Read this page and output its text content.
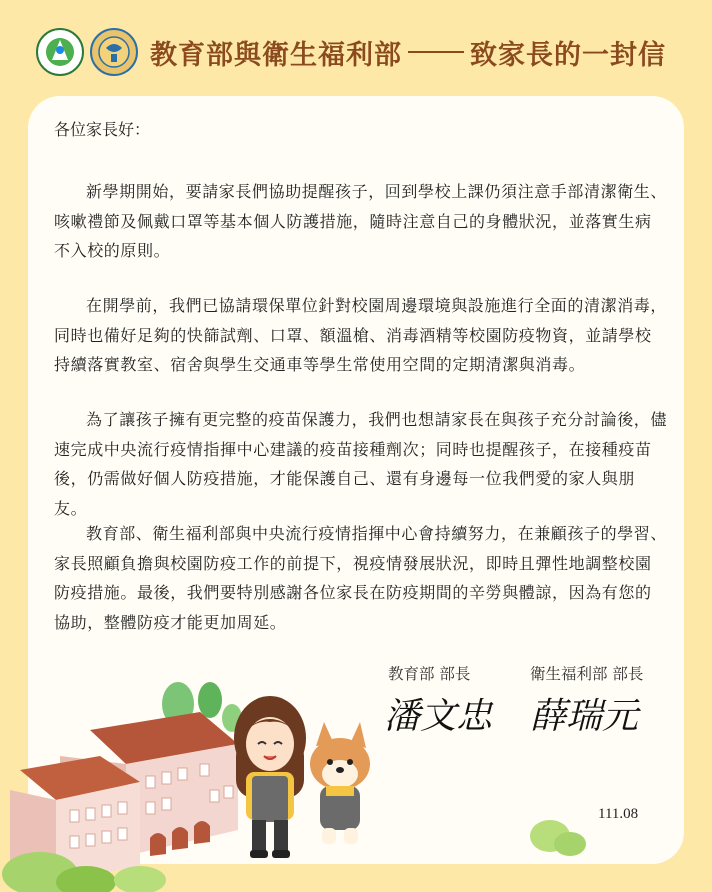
教育部與衛生福利部	致家長的一封信
各位家長好：

新學期開始，要請家長們協助提醒孩子，回到學校上課仍須注意手部清潔衛生、咳嗽禮節及佩戴口罩等基本個人防護措施，隨時注意自己的身體狀況，並落實生病不入校的原則。

在開學前，我們已協請環保單位針對校園周邊環境與設施進行全面的清潔消毒，同時也備好足夠的快篩試劑、口罩、額溫槍、消毒酒精等校園防疫物資，並請學校持續落實教室、宿舍與學生交通車等學生常使用空間的定期清潔與消毒。

為了讓孩子擁有更完整的疫苗保護力，我們也想請家長在與孩子充分討論後，儘速完成中央流行疫情指揮中心建議的疫苗接種劑次；同時也提醒孩子，在接種疫苗後，仍需做好個人防疫措施，才能保護自己、還有身邊每一位我們愛的家人與朋友。

教育部、衛生福利部與中央流行疫情指揮中心會持續努力，在兼顧孩子的學習、家長照顧負擔與校園防疫工作的前提下，視疫情發展狀況，即時且彈性地調整校園防疫措施。最後，我們要特別感謝各位家長在防疫期間的辛勞與體諒，因為有您的協助，整體防疫才能更加周延。

教育部 部長	衛生福利部 部長
潘文忠 薛瑞元
111.08
